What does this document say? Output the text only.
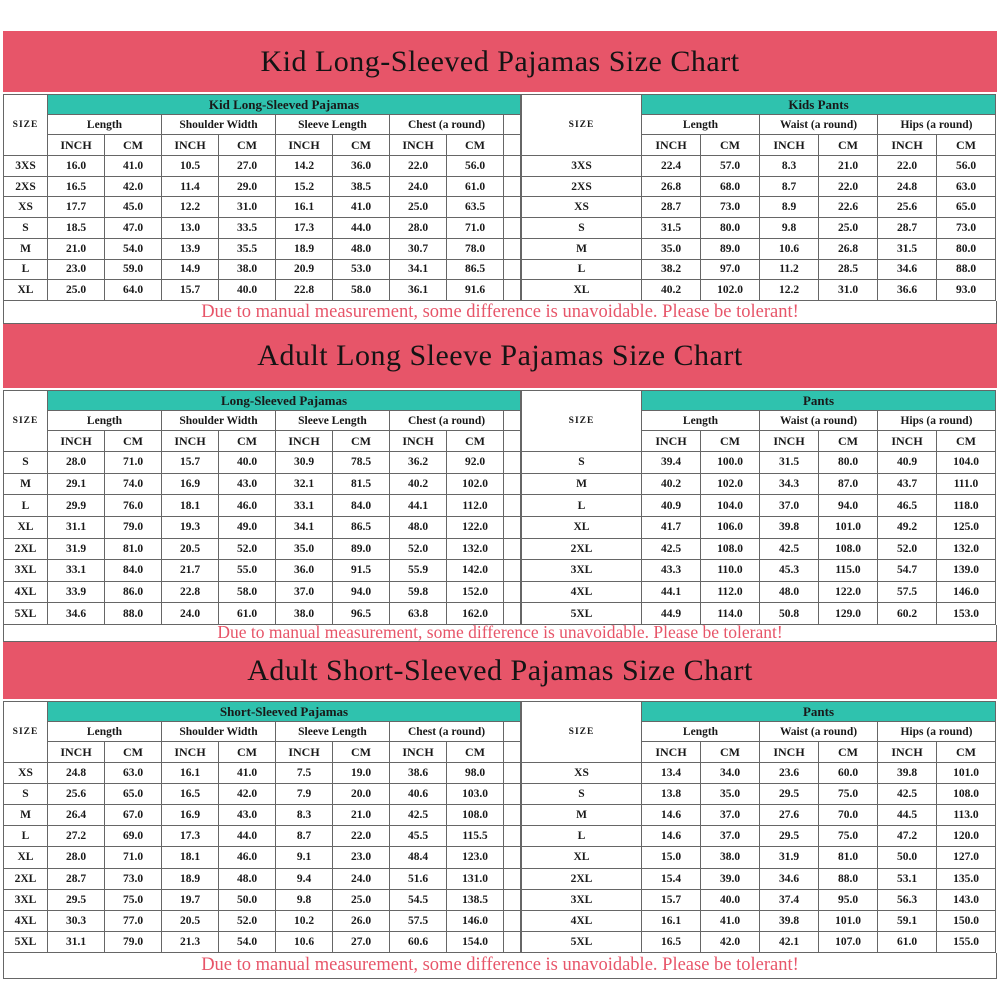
Kid Long-Sleeved Pajamas Size Chart
SIZE	Kid Long-Sleeved Pajamas								
	Length		Shoulder Width		Sleeve Length		Chest (a round)		
	INCH	CM	INCH	CM	INCH	CM	INCH	CM	
3XS	16.0	41.0	10.5	27.0	14.2	36.0	22.0	56.0	
2XS	16.5	42.0	11.4	29.0	15.2	38.5	24.0	61.0	
XS	17.7	45.0	12.2	31.0	16.1	41.0	25.0	63.5	
S	18.5	47.0	13.0	33.5	17.3	44.0	28.0	71.0	
M	21.0	54.0	13.9	35.5	18.9	48.0	30.7	78.0	
L	23.0	59.0	14.9	38.0	20.9	53.0	34.1	86.5	
XL	25.0	64.0	15.7	40.0	22.8	58.0	36.1	91.6	
SIZE	Kids Pants					
	Length		Waist (a round)		Hips (a round)	
	INCH	CM	INCH	CM	INCH	CM
3XS	22.4	57.0	8.3	21.0	22.0	56.0
2XS	26.8	68.0	8.7	22.0	24.8	63.0
XS	28.7	73.0	8.9	22.6	25.6	65.0
S	31.5	80.0	9.8	25.0	28.7	73.0
M	35.0	89.0	10.6	26.8	31.5	80.0
L	38.2	97.0	11.2	28.5	34.6	88.0
XL	40.2	102.0	12.2	31.0	36.6	93.0
Due to manual measurement, some difference is unavoidable. Please be tolerant!
Adult Long Sleeve Pajamas Size Chart
SIZE	Long-Sleeved Pajamas								
	Length		Shoulder Width		Sleeve Length		Chest (a round)		
	INCH	CM	INCH	CM	INCH	CM	INCH	CM	
S	28.0	71.0	15.7	40.0	30.9	78.5	36.2	92.0	
M	29.1	74.0	16.9	43.0	32.1	81.5	40.2	102.0	
L	29.9	76.0	18.1	46.0	33.1	84.0	44.1	112.0	
XL	31.1	79.0	19.3	49.0	34.1	86.5	48.0	122.0	
2XL	31.9	81.0	20.5	52.0	35.0	89.0	52.0	132.0	
3XL	33.1	84.0	21.7	55.0	36.0	91.5	55.9	142.0	
4XL	33.9	86.0	22.8	58.0	37.0	94.0	59.8	152.0	
5XL	34.6	88.0	24.0	61.0	38.0	96.5	63.8	162.0	
SIZE	Pants					
	Length		Waist (a round)		Hips (a round)	
	INCH	CM	INCH	CM	INCH	CM
S	39.4	100.0	31.5	80.0	40.9	104.0
M	40.2	102.0	34.3	87.0	43.7	111.0
L	40.9	104.0	37.0	94.0	46.5	118.0
XL	41.7	106.0	39.8	101.0	49.2	125.0
2XL	42.5	108.0	42.5	108.0	52.0	132.0
3XL	43.3	110.0	45.3	115.0	54.7	139.0
4XL	44.1	112.0	48.0	122.0	57.5	146.0
5XL	44.9	114.0	50.8	129.0	60.2	153.0
Due to manual measurement, some difference is unavoidable. Please be tolerant!
Adult Short-Sleeved Pajamas Size Chart
SIZE	Short-Sleeved Pajamas								
	Length		Shoulder Width		Sleeve Length		Chest (a round)		
	INCH	CM	INCH	CM	INCH	CM	INCH	CM	
XS	24.8	63.0	16.1	41.0	7.5	19.0	38.6	98.0	
S	25.6	65.0	16.5	42.0	7.9	20.0	40.6	103.0	
M	26.4	67.0	16.9	43.0	8.3	21.0	42.5	108.0	
L	27.2	69.0	17.3	44.0	8.7	22.0	45.5	115.5	
XL	28.0	71.0	18.1	46.0	9.1	23.0	48.4	123.0	
2XL	28.7	73.0	18.9	48.0	9.4	24.0	51.6	131.0	
3XL	29.5	75.0	19.7	50.0	9.8	25.0	54.5	138.5	
4XL	30.3	77.0	20.5	52.0	10.2	26.0	57.5	146.0	
5XL	31.1	79.0	21.3	54.0	10.6	27.0	60.6	154.0	
SIZE	Pants					
	Length		Waist (a round)		Hips (a round)	
	INCH	CM	INCH	CM	INCH	CM
XS	13.4	34.0	23.6	60.0	39.8	101.0
S	13.8	35.0	29.5	75.0	42.5	108.0
M	14.6	37.0	27.6	70.0	44.5	113.0
L	14.6	37.0	29.5	75.0	47.2	120.0
XL	15.0	38.0	31.9	81.0	50.0	127.0
2XL	15.4	39.0	34.6	88.0	53.1	135.0
3XL	15.7	40.0	37.4	95.0	56.3	143.0
4XL	16.1	41.0	39.8	101.0	59.1	150.0
5XL	16.5	42.0	42.1	107.0	61.0	155.0
Due to manual measurement, some difference is unavoidable. Please be tolerant!
